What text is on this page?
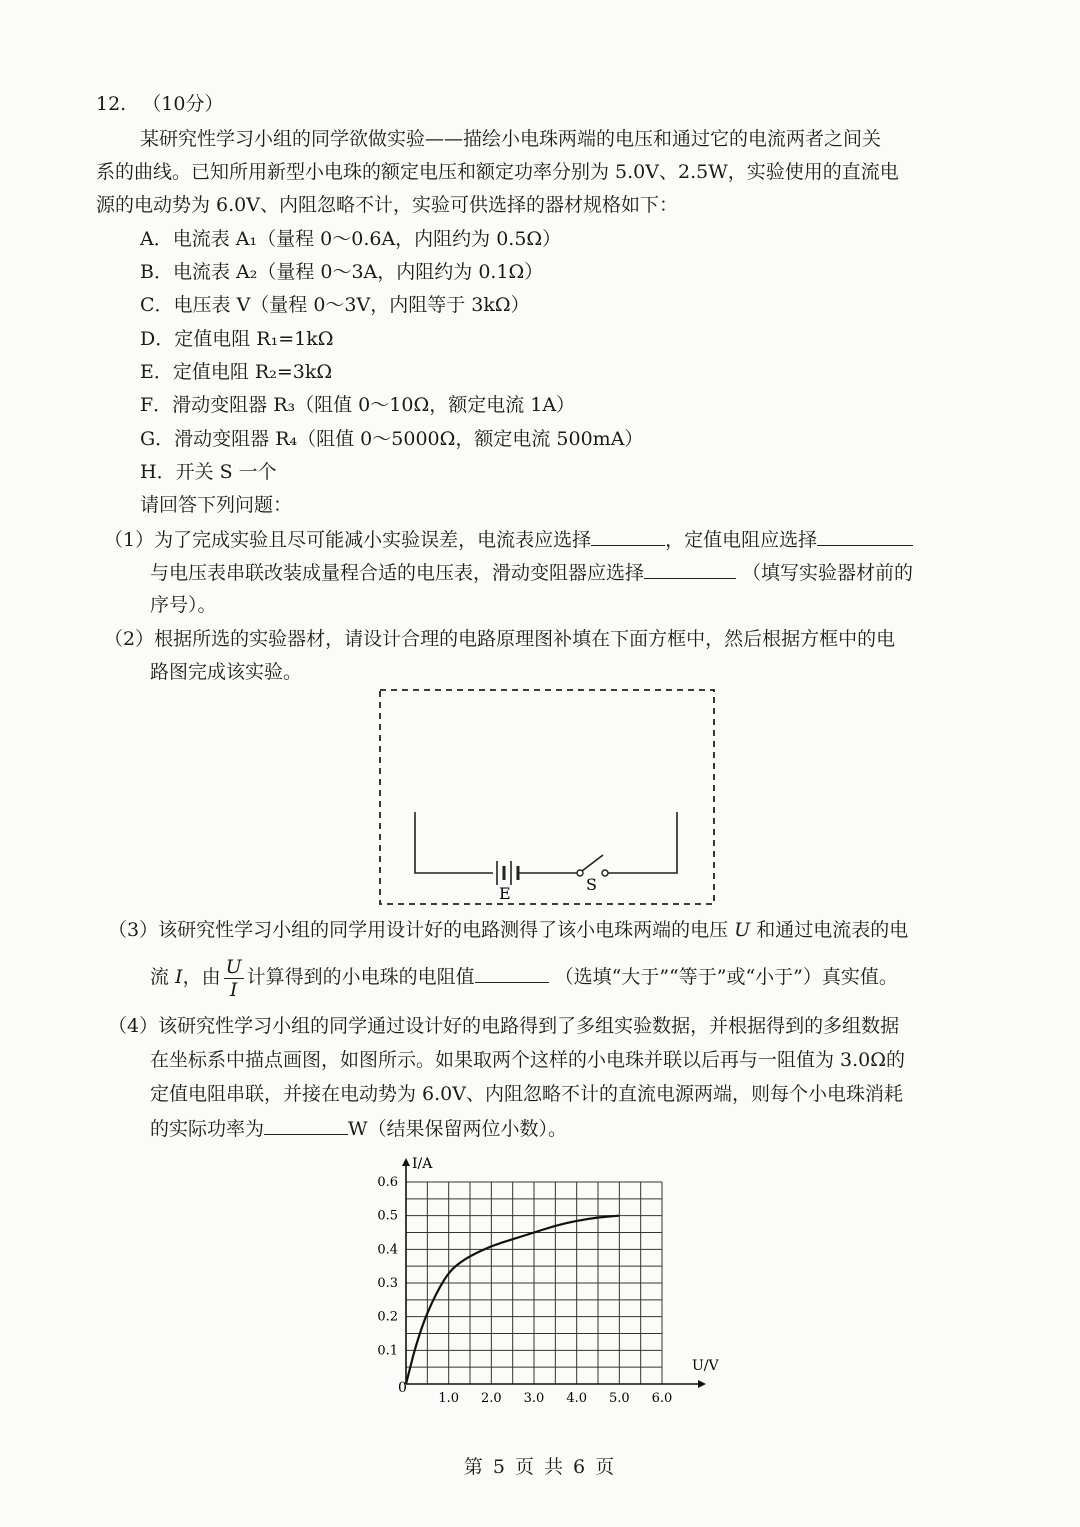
12. （10分）
某研究性学习小组的同学欲做实验——描绘小电珠两端的电压和通过它的电流两者之间关
系的曲线。已知所用新型小电珠的额定电压和额定功率分别为 5.0V、2.5W，实验使用的直流电
源的电动势为 6.0V、内阻忽略不计，实验可供选择的器材规格如下：
A．电流表 A₁（量程 0～0.6A，内阻约为 0.5Ω）
B．电流表 A₂（量程 0～3A，内阻约为 0.1Ω）
C．电压表 V（量程 0～3V，内阻等于 3kΩ）
D．定值电阻 R₁=1kΩ
E．定值电阻 R₂=3kΩ
F．滑动变阻器 R₃（阻值 0～10Ω，额定电流 1A）
G．滑动变阻器 R₄（阻值 0～5000Ω，额定电流 500mA）
H．开关 S 一个
请回答下列问题：
（1）为了完成实验且尽可能减小实验误差，电流表应选择	，定值电阻应选择
与电压表串联改装成量程合适的电压表，滑动变阻器应选择	（填写实验器材前的
序号）。
（2）根据所选的实验器材，请设计合理的电路原理图补填在下面方框中，然后根据方框中的电
路图完成该实验。
E	S
（3）该研究性学习小组的同学用设计好的电路测得了该小电珠两端的电压 U 和通过电流表的电
流 I，由 $\frac{U}{I}$ 计算得到的小电珠的电阻值	（选填“大于”“等于”或“小于”）真实值。
（4）该研究性学习小组的同学通过设计好的电路得到了多组实验数据，并根据得到的多组数据
在坐标系中描点画图，如图所示。如果取两个这样的小电珠并联以后再与一阻值为 3.0Ω的
定值电阻串联，并接在电动势为 6.0V、内阻忽略不计的直流电源两端，则每个小电珠消耗
的实际功率为	W（结果保留两位小数）。
U/V
I/A
0
1.0 2.0 3.0 4.0 5.0 6.0
0.1
0.2
0.3
0.4
0.5
0.6
第 5 页 共 6 页
